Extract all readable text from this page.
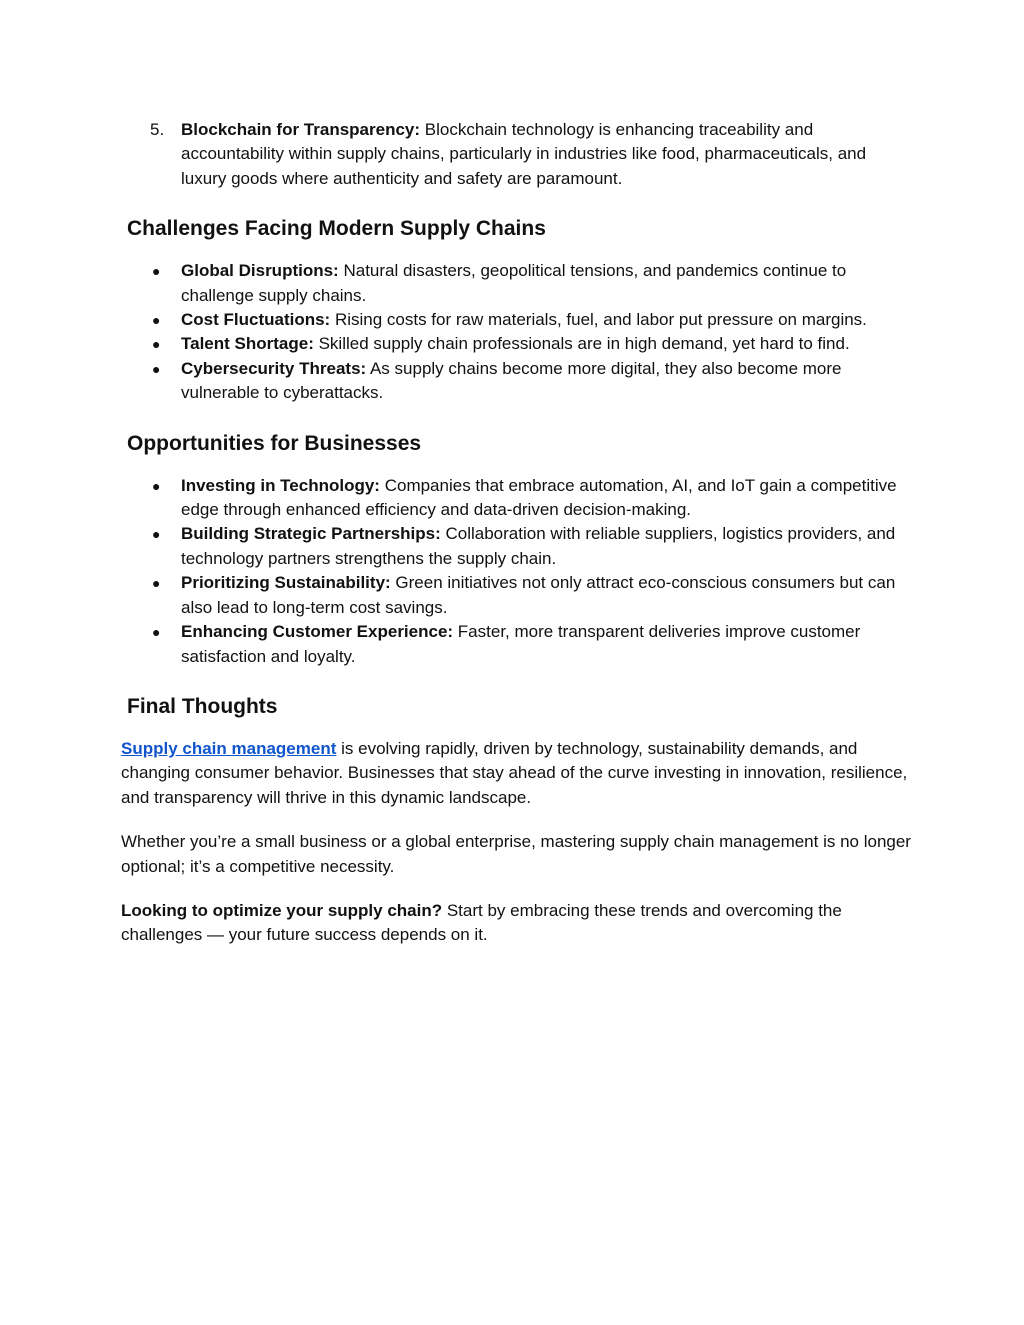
5. Blockchain for Transparency: Blockchain technology is enhancing traceability and accountability within supply chains, particularly in industries like food, pharmaceuticals, and luxury goods where authenticity and safety are paramount.
Challenges Facing Modern Supply Chains
● Global Disruptions: Natural disasters, geopolitical tensions, and pandemics continue to challenge supply chains.
● Cost Fluctuations: Rising costs for raw materials, fuel, and labor put pressure on margins.
● Talent Shortage: Skilled supply chain professionals are in high demand, yet hard to find.
● Cybersecurity Threats: As supply chains become more digital, they also become more vulnerable to cyberattacks.
Opportunities for Businesses
● Investing in Technology: Companies that embrace automation, AI, and IoT gain a competitive edge through enhanced efficiency and data-driven decision-making.
● Building Strategic Partnerships: Collaboration with reliable suppliers, logistics providers, and technology partners strengthens the supply chain.
● Prioritizing Sustainability: Green initiatives not only attract eco-conscious consumers but can also lead to long-term cost savings.
● Enhancing Customer Experience: Faster, more transparent deliveries improve customer satisfaction and loyalty.
Final Thoughts

Supply chain management is evolving rapidly, driven by technology, sustainability demands, and changing consumer behavior. Businesses that stay ahead of the curve investing in innovation, resilience, and transparency will thrive in this dynamic landscape.

Whether you’re a small business or a global enterprise, mastering supply chain management is no longer optional; it’s a competitive necessity.

Looking to optimize your supply chain? Start by embracing these trends and overcoming the challenges — your future success depends on it.
